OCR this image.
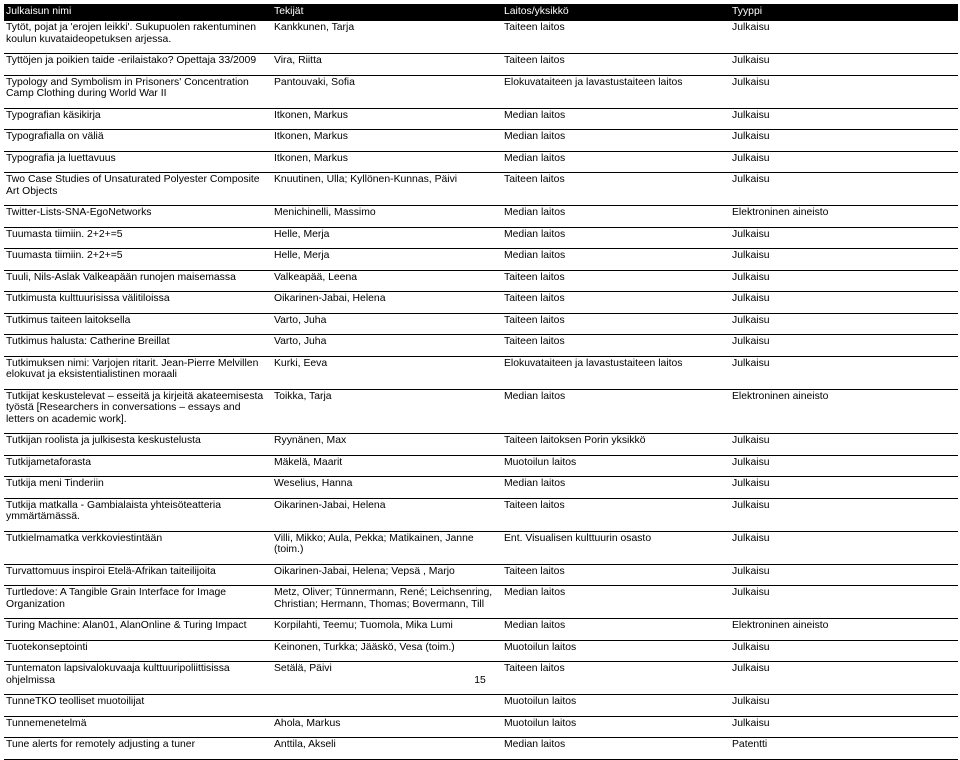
Julkaisun nimi	Tekijät	Laitos/yksikkö	Tyyppi
Tytöt, pojat ja 'erojen leikki'. Sukupuolen rakentuminen koulun kuvataideopetuksen arjessa.	Kankkunen, Tarja	Taiteen laitos	Julkaisu
Tyttöjen ja poikien taide -erilaistako? Opettaja 33/2009	Vira, Riitta	Taiteen laitos	Julkaisu
Typology and Symbolism in Prisoners' Concentration Camp Clothing during World War II	Pantouvaki, Sofia	Elokuvataiteen ja lavastustaiteen laitos	Julkaisu
Typografian käsikirja	Itkonen, Markus	Median laitos	Julkaisu
Typografialla on väliä	Itkonen, Markus	Median laitos	Julkaisu
Typografia ja luettavuus	Itkonen, Markus	Median laitos	Julkaisu
Two Case Studies of Unsaturated Polyester Composite Art Objects	Knuutinen, Ulla; Kyllönen-Kunnas, Päivi	Taiteen laitos	Julkaisu
Twitter-Lists-SNA-EgoNetworks	Menichinelli, Massimo	Median laitos	Elektroninen aineisto
Tuumasta tiimiin. 2+2+=5	Helle, Merja	Median laitos	Julkaisu
Tuumasta tiimiin. 2+2+=5	Helle, Merja	Median laitos	Julkaisu
Tuuli, Nils-Aslak Valkeapään runojen maisemassa	Valkeapää, Leena	Taiteen laitos	Julkaisu
Tutkimusta kulttuurisissa välitiloissa	Oikarinen-Jabai, Helena	Taiteen laitos	Julkaisu
Tutkimus taiteen laitoksella	Varto, Juha	Taiteen laitos	Julkaisu
Tutkimus halusta: Catherine Breillat	Varto, Juha	Taiteen laitos	Julkaisu
Tutkimuksen nimi: Varjojen ritarit. Jean-Pierre Melvillen elokuvat ja eksistentialistinen moraali	Kurki, Eeva	Elokuvataiteen ja lavastustaiteen laitos	Julkaisu
Tutkijat keskustelevat – esseitä ja kirjeitä akateemisesta työstä [Researchers in conversations – essays and letters on academic work].	Toikka, Tarja	Median laitos	Elektroninen aineisto
Tutkijan roolista ja julkisesta keskustelusta	Ryynänen, Max	Taiteen laitoksen Porin yksikkö	Julkaisu
Tutkijametaforasta	Mäkelä, Maarit	Muotoilun laitos	Julkaisu
Tutkija meni Tinderiin	Weselius, Hanna	Median laitos	Julkaisu
Tutkija matkalla - Gambialaista yhteisöteatteria ymmärtämässä.	Oikarinen-Jabai, Helena	Taiteen laitos	Julkaisu
Tutkielmamatka verkkoviestintään	Villi, Mikko; Aula, Pekka; Matikainen, Janne (toim.)	Ent. Visualisen kulttuurin osasto	Julkaisu
Turvattomuus inspiroi Etelä-Afrikan taiteilijoita	Oikarinen-Jabai, Helena; Vepsä , Marjo	Taiteen laitos	Julkaisu
Turtledove: A Tangible Grain Interface for Image Organization	Metz, Oliver; Tünnermann, René; Leichsenring, Christian; Hermann, Thomas; Bovermann, Till	Median laitos	Julkaisu
Turing Machine: Alan01, AlanOnline & Turing Impact	Korpilahti, Teemu; Tuomola, Mika Lumi	Median laitos	Elektroninen aineisto
Tuotekonseptointi	Keinonen, Turkka; Jääskö, Vesa (toim.)	Muotoilun laitos	Julkaisu
Tuntematon lapsivalokuvaaja kulttuuripoliittisissa ohjelmissa	Setälä, Päivi	Taiteen laitos	Julkaisu
TunneTKO teolliset muotoilijat		Muotoilun laitos	Julkaisu
Tunnemenetelmä	Ahola, Markus	Muotoilun laitos	Julkaisu
Tune alerts for remotely adjusting a tuner	Anttila, Akseli	Median laitos	Patentti
15
